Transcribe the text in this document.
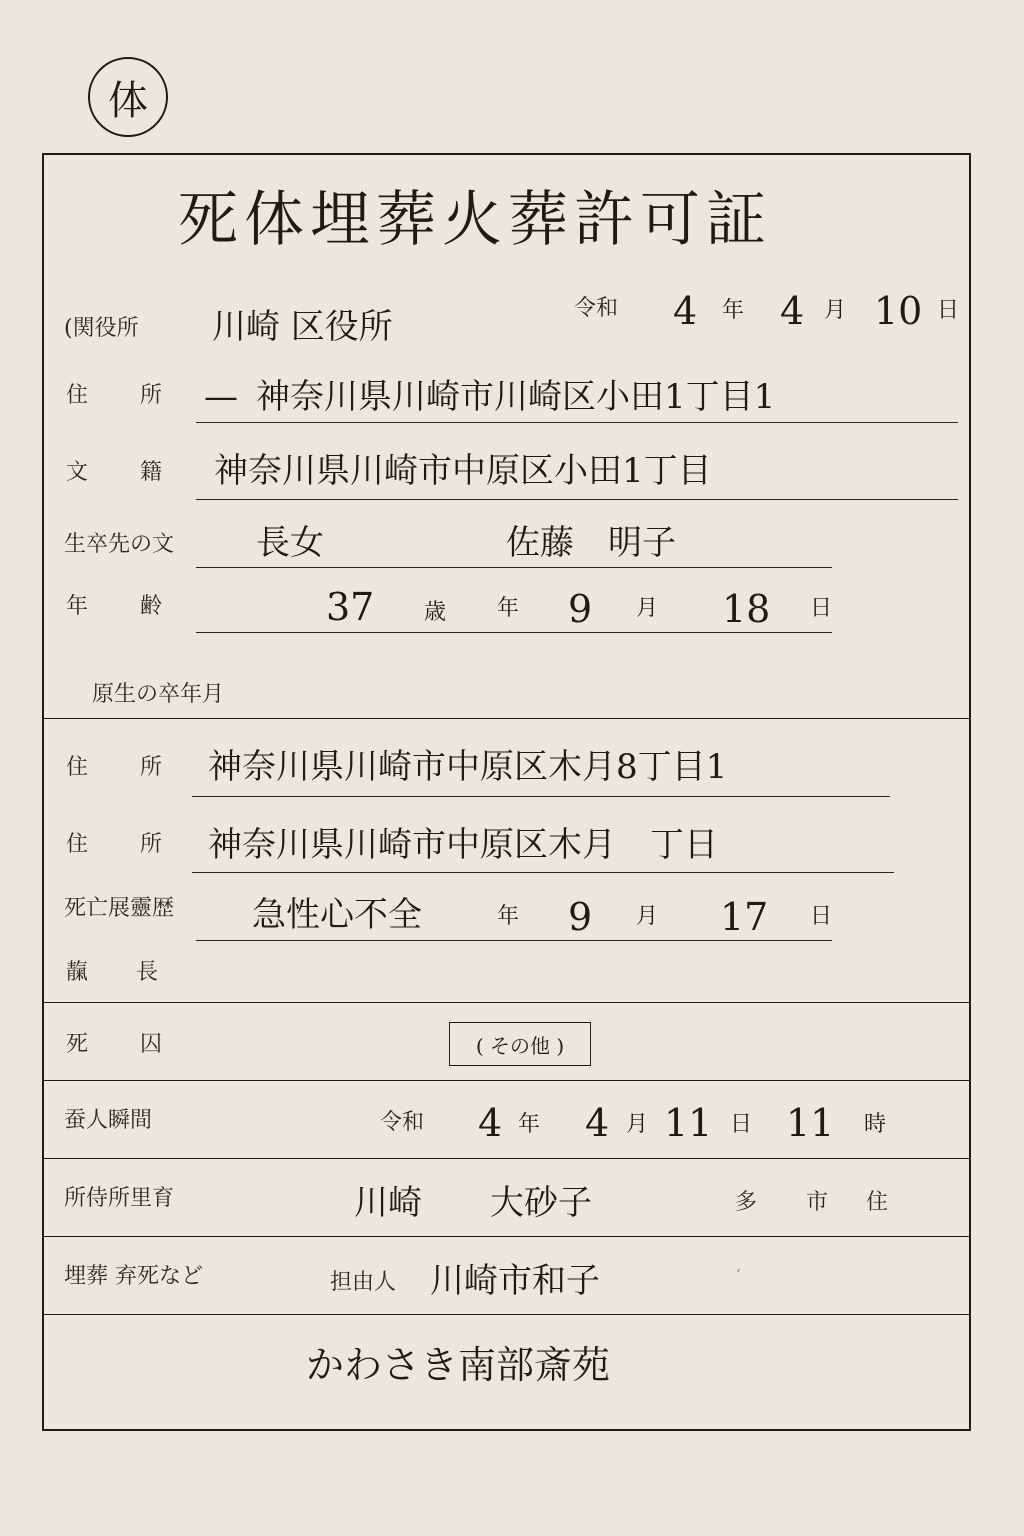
体
死体埋葬火葬許可証
(関役所 川崎 区役所	令和 4 年 4 月 10 日
住 所 — 神奈川県川崎市川崎区小田1丁目1
文 籍 神奈川県川崎市中原区小田1丁目
生卒先の文 長女	佐藤　明子
年 齢	37 歳 年 9 月 18 日
原生の卒年月
住 所 神奈川県川崎市中原区木月8丁目1
住 所 神奈川県川崎市中原区木月　丁日
死亡展靈歴 急性心不全	年 9 月 17 日
靝 長
死 囚	( その他 )
蚕人瞬間	令和 4 年 4 月 11 日 11 時
所侍所里育	川崎　　大砂子	多 市 住
埋葬 弃死など	担由人 川崎市和子	ʻ
かわさき南部斎苑
